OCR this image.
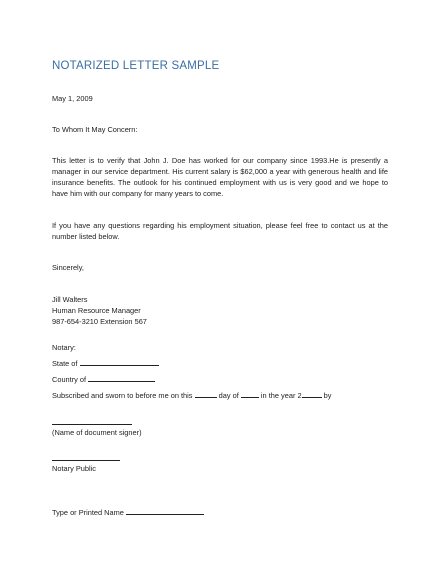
NOTARIZED LETTER SAMPLE
May 1, 2009
To Whom It May Concern:
This letter is to verify that John J. Doe has worked for our company since 1993.He is presently a manager in our service department. His current salary is $62,000 a year with generous health and life insurance benefits. The outlook for his continued employment with us is very good and we hope to have him with our company for many years to come.
If you have any questions regarding his employment situation, please feel free to contact us at the number listed below.
Sincerely,
Jill Walters
Human Resource Manager
987-654-3210 Extension 567
Notary:
State of
Country of
Subscribed and sworn to before me on this	day of	in the year 2	by
(Name of document signer)
Notary Public
Type or Printed Name
